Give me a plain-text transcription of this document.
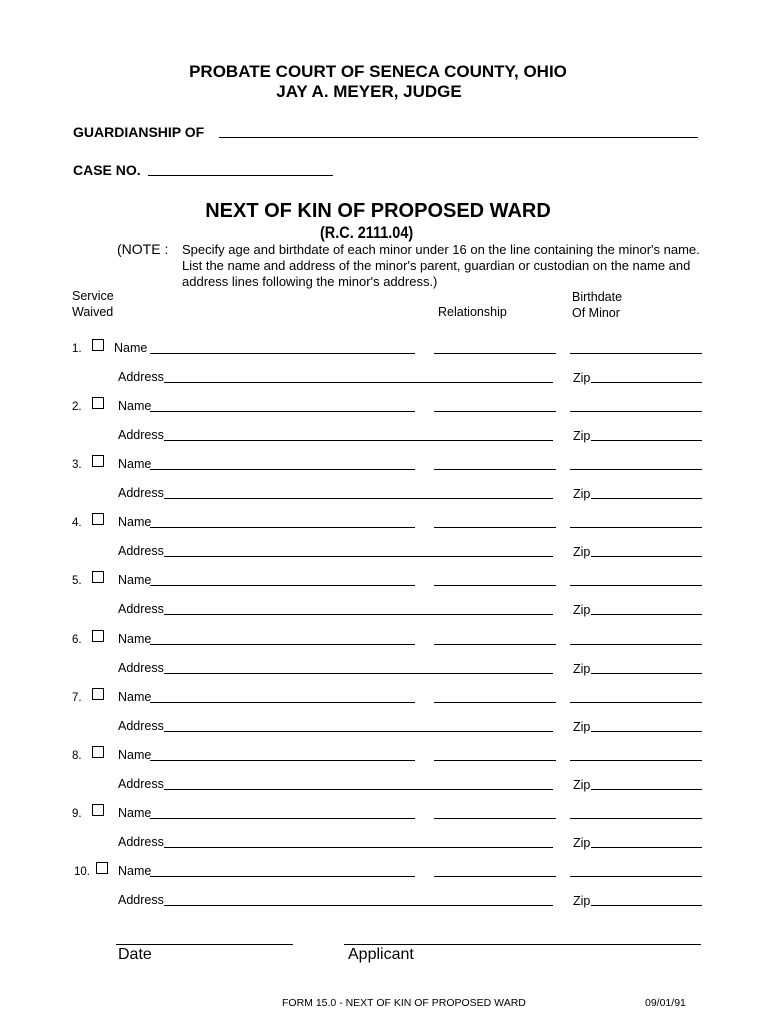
PROBATE COURT OF SENECA COUNTY, OHIO
JAY A. MEYER, JUDGE
GUARDIANSHIP OF
CASE NO.
NEXT OF KIN OF PROPOSED WARD
(R.C. 2111.04)
(NOTE : Specify age and birthdate of each minor under 16 on the line containing the minor's name. List the name and address of the minor's parent, guardian or custodian on the name and address lines following the minor's address.)
Service
Waived	Relationship
Birthdate
Of Minor
1.	Name
Address	Zip
2.	Name
Address	Zip
3.	Name
Address	Zip
4.	Name
Address	Zip
5.	Name
Address	Zip
6.	Name
Address	Zip
7.	Name
Address	Zip
8.	Name
Address	Zip
9.	Name
Address	Zip
10. Name
Address	Zip
Date	Applicant
FORM 15.0 - NEXT OF KIN OF PROPOSED WARD	09/01/91
